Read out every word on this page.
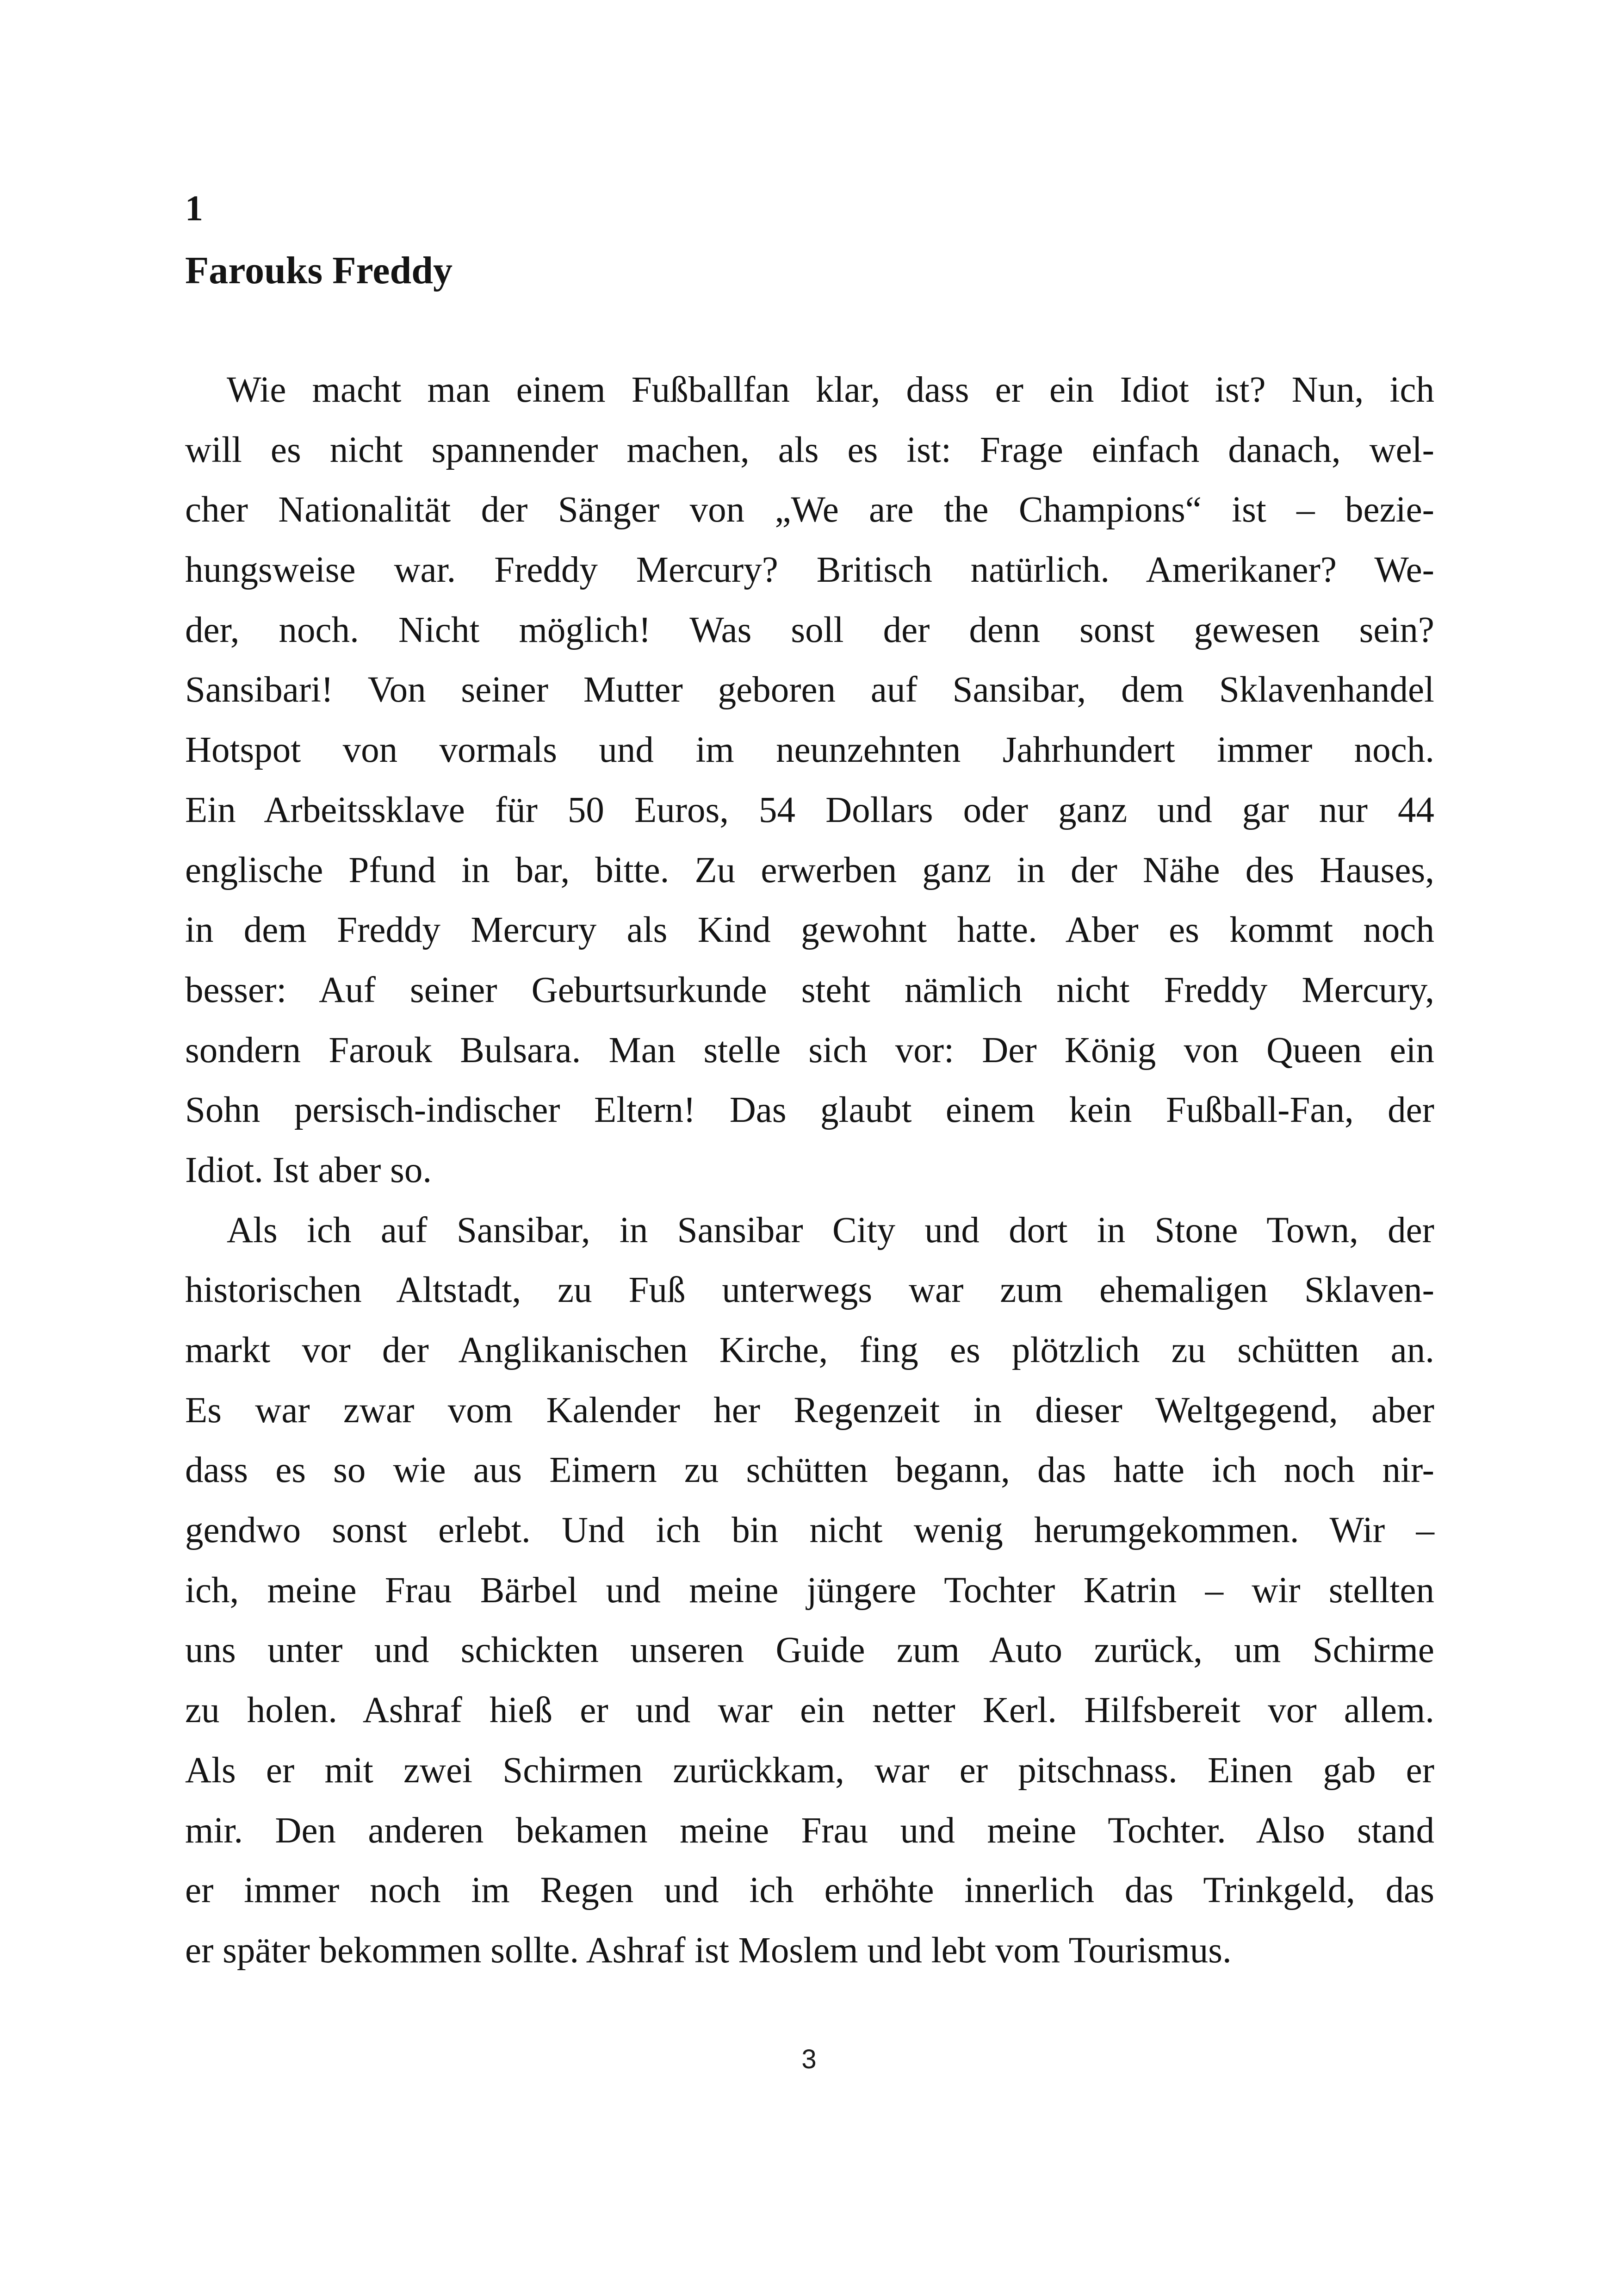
1
Farouks Freddy

Wie macht man einem Fußballfan klar, dass er ein Idiot ist? Nun, ich
will es nicht spannender machen, als es ist: Frage einfach danach, wel-
cher Nationalität der Sänger von „We are the Champions“ ist – bezie-
hungsweise war. Freddy Mercury? Britisch natürlich. Amerikaner? We-
der, noch. Nicht möglich! Was soll der denn sonst gewesen sein?
Sansibari! Von seiner Mutter geboren auf Sansibar, dem Sklavenhandel
Hotspot von vormals und im neunzehnten Jahrhundert immer noch.
Ein Arbeitssklave für 50 Euros, 54 Dollars oder ganz und gar nur 44
englische Pfund in bar, bitte. Zu erwerben ganz in der Nähe des Hauses,
in dem Freddy Mercury als Kind gewohnt hatte. Aber es kommt noch
besser: Auf seiner Geburtsurkunde steht nämlich nicht Freddy Mercury,
sondern Farouk Bulsara. Man stelle sich vor: Der König von Queen ein
Sohn persisch-indischer Eltern! Das glaubt einem kein Fußball-Fan, der
Idiot. Ist aber so.

Als ich auf Sansibar, in Sansibar City und dort in Stone Town, der
historischen Altstadt, zu Fuß unterwegs war zum ehemaligen Sklaven-
markt vor der Anglikanischen Kirche, fing es plötzlich zu schütten an.
Es war zwar vom Kalender her Regenzeit in dieser Weltgegend, aber
dass es so wie aus Eimern zu schütten begann, das hatte ich noch nir-
gendwo sonst erlebt. Und ich bin nicht wenig herumgekommen. Wir –
ich, meine Frau Bärbel und meine jüngere Tochter Katrin – wir stellten
uns unter und schickten unseren Guide zum Auto zurück, um Schirme
zu holen. Ashraf hieß er und war ein netter Kerl. Hilfsbereit vor allem.
Als er mit zwei Schirmen zurückkam, war er pitschnass. Einen gab er
mir. Den anderen bekamen meine Frau und meine Tochter. Also stand
er immer noch im Regen und ich erhöhte innerlich das Trinkgeld, das
er später bekommen sollte. Ashraf ist Moslem und lebt vom Tourismus.

3
